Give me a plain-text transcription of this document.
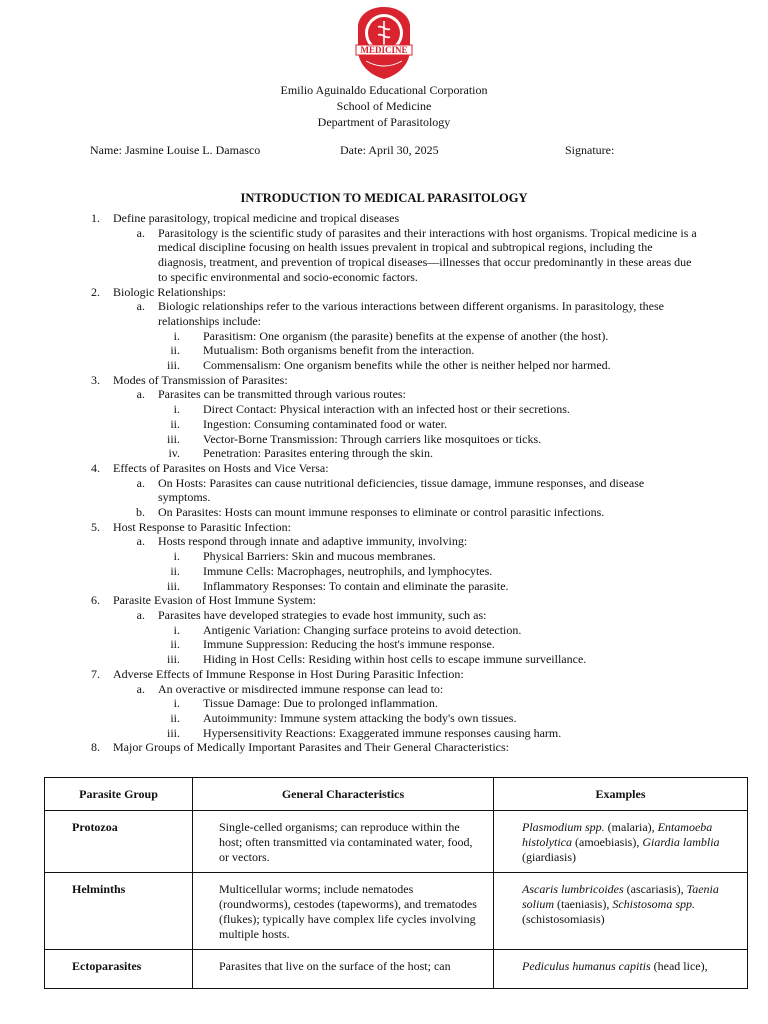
MEDICINE
Emilio Aguinaldo Educational Corporation
School of Medicine
Department of Parasitology
Name: Jasmine Louise L. Damasco	Date: April 30, 2025	Signature:
INTRODUCTION TO MEDICAL PARASITOLOGY
1. Define parasitology, tropical medicine and tropical diseases
a. Parasitology is the scientific study of parasites and their interactions with host organisms. Tropical medicine is a medical discipline focusing on health issues prevalent in tropical and subtropical regions, including the diagnosis, treatment, and prevention of tropical diseases—illnesses that occur predominantly in these areas due to specific environmental and socio-economic factors.
2. Biologic Relationships:
a. Biologic relationships refer to the various interactions between different organisms. In parasitology, these relationships include:
i. Parasitism: One organism (the parasite) benefits at the expense of another (the host).
ii. Mutualism: Both organisms benefit from the interaction.
iii. Commensalism: One organism benefits while the other is neither helped nor harmed.
3. Modes of Transmission of Parasites:
a. Parasites can be transmitted through various routes:
i. Direct Contact: Physical interaction with an infected host or their secretions.
ii. Ingestion: Consuming contaminated food or water.
iii. Vector-Borne Transmission: Through carriers like mosquitoes or ticks.
iv. Penetration: Parasites entering through the skin.
4. Effects of Parasites on Hosts and Vice Versa:
a. On Hosts: Parasites can cause nutritional deficiencies, tissue damage, immune responses, and disease symptoms.
b. On Parasites: Hosts can mount immune responses to eliminate or control parasitic infections.
5. Host Response to Parasitic Infection:
a. Hosts respond through innate and adaptive immunity, involving:
i. Physical Barriers: Skin and mucous membranes.
ii. Immune Cells: Macrophages, neutrophils, and lymphocytes.
iii. Inflammatory Responses: To contain and eliminate the parasite.
6. Parasite Evasion of Host Immune System:
a. Parasites have developed strategies to evade host immunity, such as:
i. Antigenic Variation: Changing surface proteins to avoid detection.
ii. Immune Suppression: Reducing the host's immune response.
iii. Hiding in Host Cells: Residing within host cells to escape immune surveillance.
7. Adverse Effects of Immune Response in Host During Parasitic Infection:
a. An overactive or misdirected immune response can lead to:
i. Tissue Damage: Due to prolonged inflammation.
ii. Autoimmunity: Immune system attacking the body's own tissues.
iii. Hypersensitivity Reactions: Exaggerated immune responses causing harm.
8. Major Groups of Medically Important Parasites and Their General Characteristics:
Parasite Group	General Characteristics	Examples
Protozoa	Single-celled organisms; can reproduce within the host; often transmitted via contaminated water, food, or vectors.	Plasmodium spp. (malaria), Entamoeba histolytica (amoebiasis), Giardia lamblia (giardiasis)
Helminths	Multicellular worms; include nematodes (roundworms), cestodes (tapeworms), and trematodes (flukes); typically have complex life cycles involving multiple hosts.	Ascaris lumbricoides (ascariasis), Taenia solium (taeniasis), Schistosoma spp. (schistosomiasis)
Ectoparasites	Parasites that live on the surface of the host; can	Pediculus humanus capitis (head lice),
